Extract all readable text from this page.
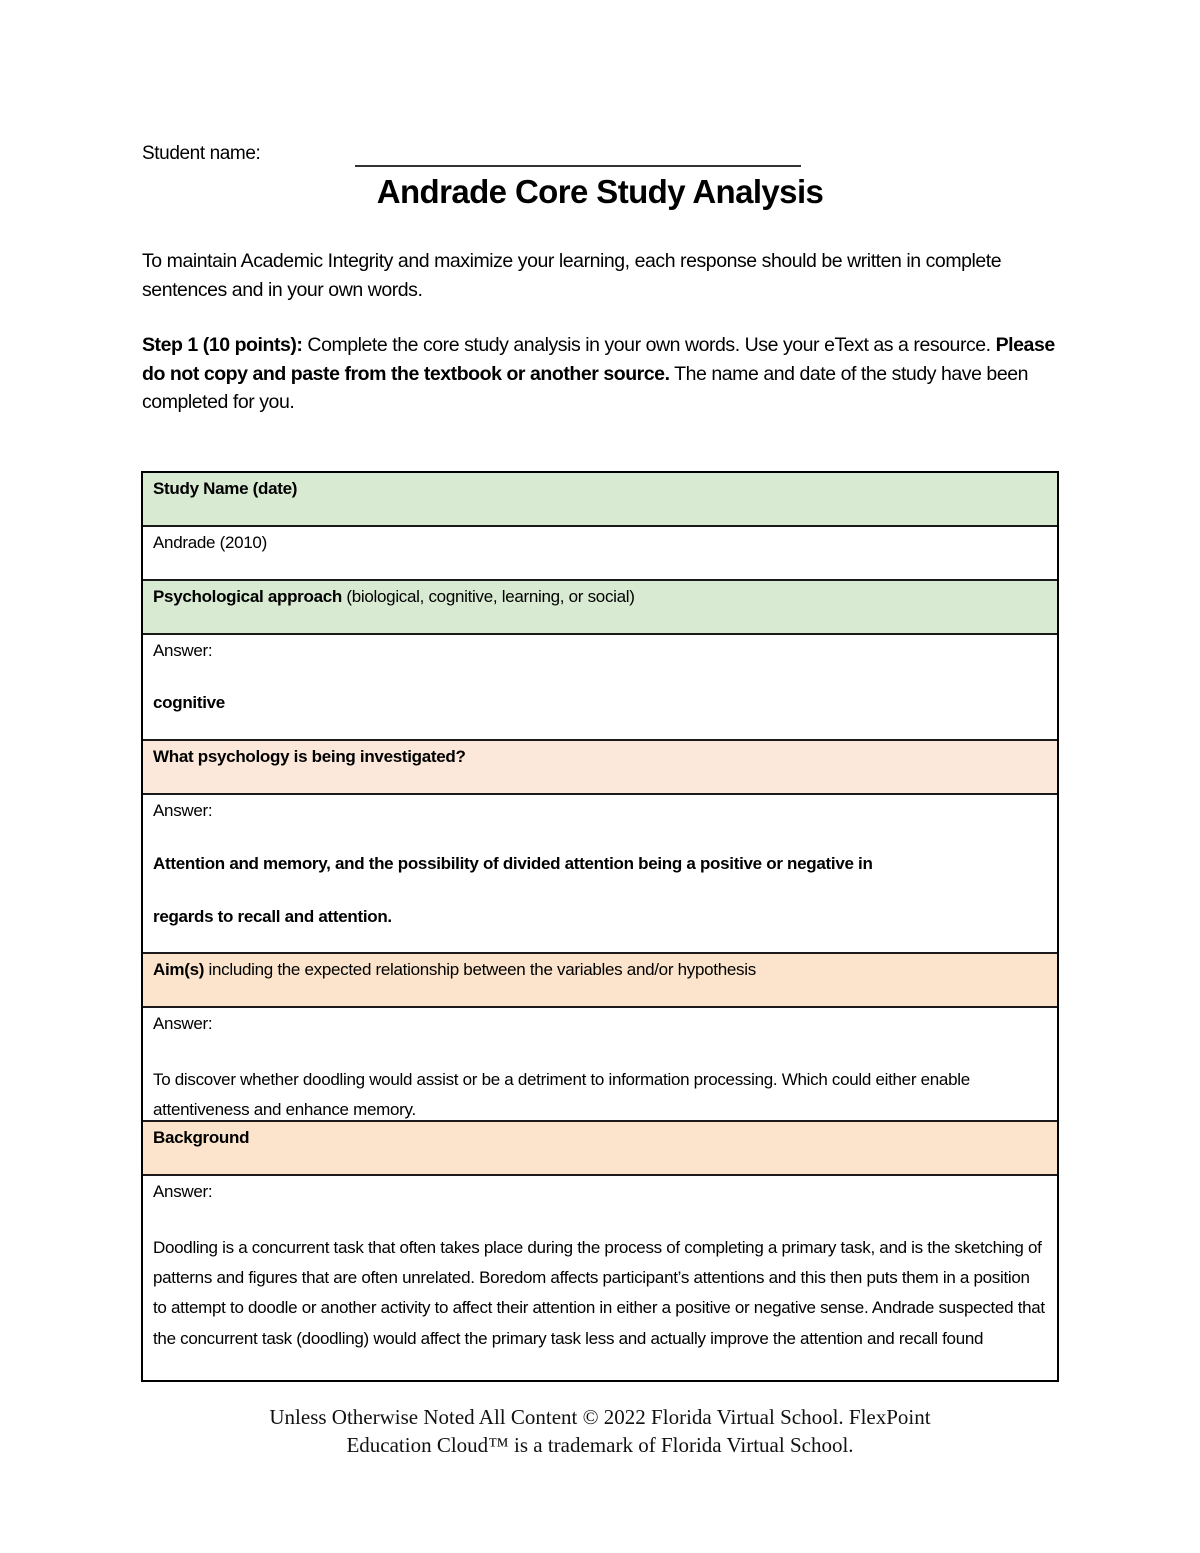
Student name:
Andrade Core Study Analysis
To maintain Academic Integrity and maximize your learning, each response should be written in complete sentences and in your own words.
Step 1 (10 points): Complete the core study analysis in your own words. Use your eText as a resource. Please do not copy and paste from the textbook or another source. The name and date of the study have been completed for you.
Study Name (date)
Andrade (2010)
Psychological approach (biological, cognitive, learning, or social)
Answer:
cognitive
What psychology is being investigated?
Answer:
Attention and memory, and the possibility of divided attention being a positive or negative in
regards to recall and attention.
Aim(s) including the expected relationship between the variables and/or hypothesis
Answer:
To discover whether doodling would assist or be a detriment to information processing. Which could either enable attentiveness and enhance memory.
Background
Answer:
Doodling is a concurrent task that often takes place during the process of completing a primary task, and is the sketching of patterns and figures that are often unrelated. Boredom affects participant’s attentions and this then puts them in a position to attempt to doodle or another activity to affect their attention in either a positive or negative sense. Andrade suspected that the concurrent task (doodling) would affect the primary task less and actually improve the attention and recall found
Unless Otherwise Noted All Content © 2022 Florida Virtual School. FlexPoint
Education Cloud™ is a trademark of Florida Virtual School.
